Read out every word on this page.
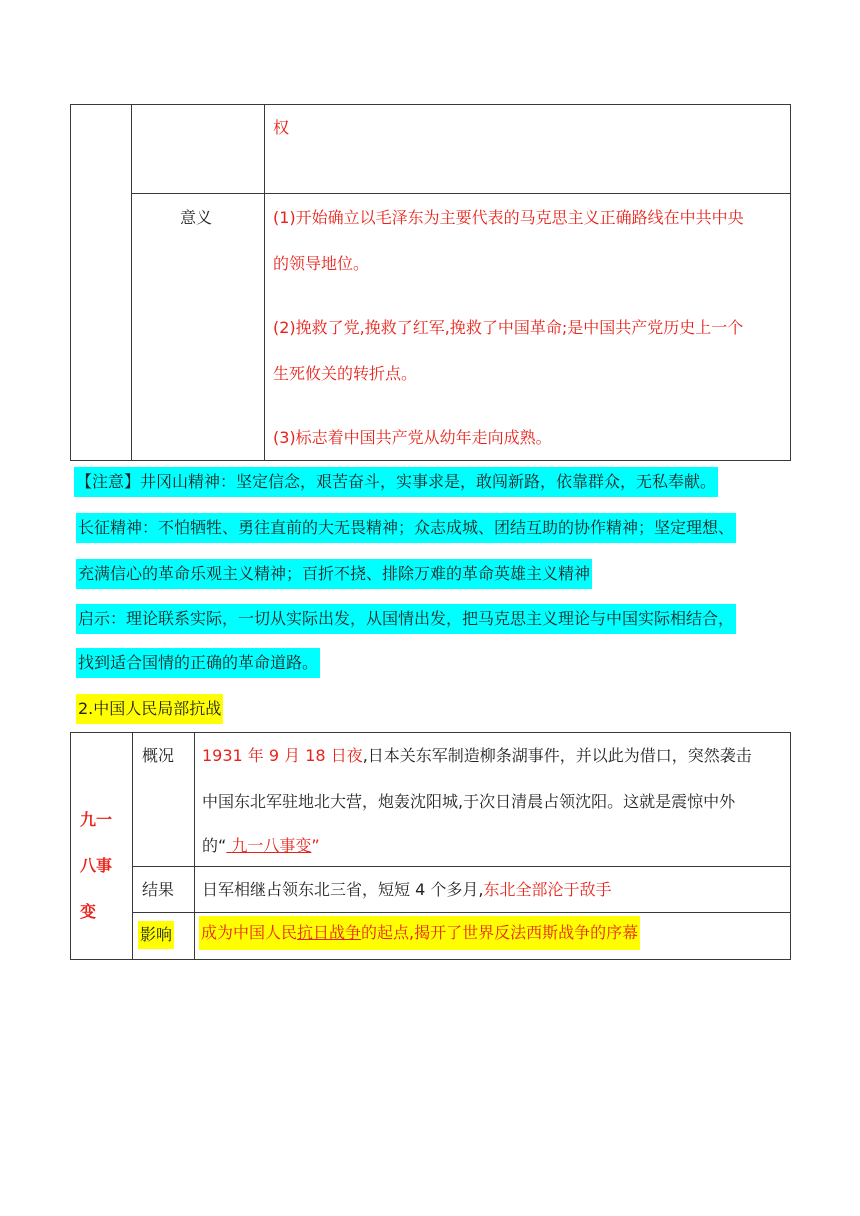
权
意义	(1)开始确立以毛泽东为主要代表的马克思主义正确路线在中共中央
的领导地位。
(2)挽救了党,挽救了红军,挽救了中国革命;是中国共产党历史上一个
生死攸关的转折点。
(3)标志着中国共产党从幼年走向成熟。
【注意】井冈山精神：坚定信念，艰苦奋斗，实事求是，敢闯新路，依靠群众，无私奉献。
长征精神：不怕牺牲、勇往直前的大无畏精神；众志成城、团结互助的协作精神；坚定理想、
充满信心的革命乐观主义精神；百折不挠、排除万难的革命英雄主义精神
启示：理论联系实际，一切从实际出发，从国情出发，把马克思主义理论与中国实际相结合，
找到适合国情的正确的革命道路。
2.中国人民局部抗战
九一
八事
变
概况 1931 年 9 月 18 日夜,日本关东军制造柳条湖事件，并以此为借口，突然袭击
中国东北军驻地北大营，炮轰沈阳城,于次日清晨占领沈阳。这就是震惊中外
的“ 九一八事变”
结果 日军相继占领东北三省，短短 4 个多月,东北全部沦于敌手
影响 成为中国人民抗日战争的起点,揭开了世界反法西斯战争的序幕
